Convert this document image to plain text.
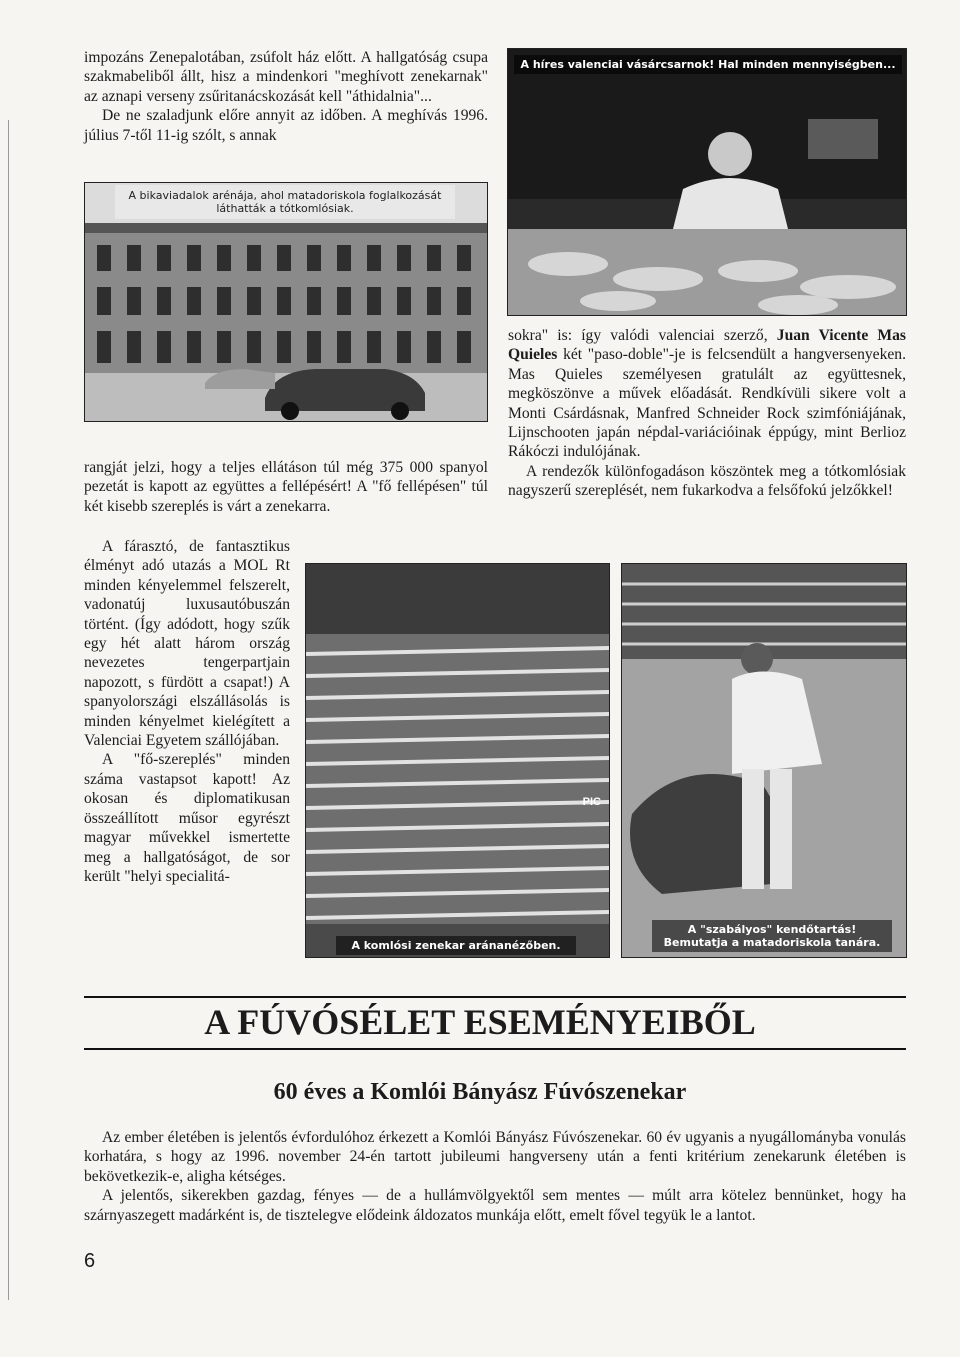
impozáns Zenepalotában, zsúfolt ház előtt. A hallgatóság csupa szakmabeliből állt, hisz a mindenkori "meghívott zenekarnak" az aznapi verseny zsűritanácskozását kell "áthidalnia"...

De ne szaladjunk előre annyit az időben. A meghívás 1996. július 7-től 11-ig szólt, s annak

A bikaviadalok arénája, ahol matadoriskola foglalkozását láthatták a tótkomlósiak.
A híres valenciai vásárcsarnok! Hal minden mennyiségben...

sokra" is: így valódi valenciai szerző, Juan Vicente Mas Quieles két "paso-doble"-je is felcsendült a hangversenyeken. Mas Quieles személyesen gratulált az együttesnek, megköszönve a művek előadását. Rendkívüli sikere volt a Monti Csárdásnak, Manfred Schneider Rock szimfóniájának, Lijnschooten japán népdal-variációinak éppúgy, mint Berlioz Rákóczi indulójának.

A rendezők különfogadáson köszöntek meg a tótkomlósiak nagyszerű szereplését, nem fukarkodva a felsőfokú jelzőkkel!

rangját jelzi, hogy a teljes ellátáson túl még 375 000 spanyol pezetát is kapott az együttes a fellépésért! A "fő fellépésen" túl két kisebb szereplés is várt a zenekarra.

A fárasztó, de fantasztikus élményt adó utazás a MOL Rt minden kényelemmel felszerelt, vadonatúj luxusautóbuszán történt. (Így adódott, hogy szűk egy hét alatt három ország nevezetes tengerpartjain napozott, s fürdött a csapat!) A spanyolországi elszállásolás is minden kényelmet kielégített a Valenciai Egyetem szállójában.

A "fő-szereplés" minden száma vastapsot kapott! Az okosan és diplomatikusan összeállított műsor egyrészt magyar művekkel ismertette meg a hallgatóságot, de sor került "helyi specialitá-

PIC
A komlósi zenekar aránanézőben.
A "szabályos" kendőtartás! Bemutatja a matadoriskola tanára.
A FÚVÓSÉLET ESEMÉNYEIBŐL
60 éves a Komlói Bányász Fúvószenekar

Az ember életében is jelentős évfordulóhoz érkezett a Komlói Bányász Fúvószenekar. 60 év ugyanis a nyugállományba vonulás korhatára, s hogy az 1996. november 24-én tartott jubileumi hangverseny után a fenti kritérium zenekarunk életében is bekövetkezik-e, aligha kétséges.

A jelentős, sikerekben gazdag, fényes — de a hullámvölgyektől sem mentes — múlt arra kötelez bennünket, hogy ha szárnyaszegett madárként is, de tisztelegve elődeink áldozatos munkája előtt, emelt fővel tegyük le a lantot.

6
